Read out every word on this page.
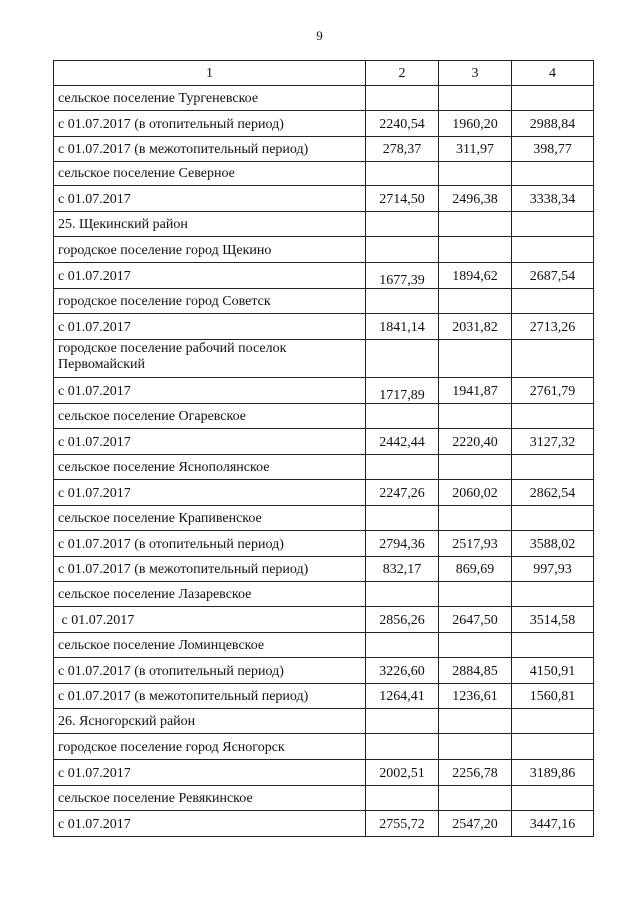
9
1	2	3	4
сельское поселение Тургеневское			
с 01.07.2017 (в отопительный период)	2240,54	1960,20	2988,84
с 01.07.2017 (в межотопительный период)	278,37	311,97	398,77
сельское поселение Северное			
с 01.07.2017	2714,50	2496,38	3338,34
25. Щекинский район			
городское поселение город Щекино			
с 01.07.2017	1677,39	1894,62	2687,54
городское поселение город Советск			
с 01.07.2017	1841,14	2031,82	2713,26
городское поселение рабочий поселок Первомайский			
с 01.07.2017	1717,89	1941,87	2761,79
сельское поселение Огаревское			
с 01.07.2017	2442,44	2220,40	3127,32
сельское поселение Яснополянское			
с 01.07.2017	2247,26	2060,02	2862,54
сельское поселение Крапивенское			
с 01.07.2017 (в отопительный период)	2794,36	2517,93	3588,02
с 01.07.2017 (в межотопительный период)	832,17	869,69	997,93
сельское поселение Лазаревское			
с 01.07.2017	2856,26	2647,50	3514,58
сельское поселение Ломинцевское			
с 01.07.2017 (в отопительный период)	3226,60	2884,85	4150,91
с 01.07.2017 (в межотопительный период)	1264,41	1236,61	1560,81
26. Ясногорский район			
городское поселение город Ясногорск			
с 01.07.2017	2002,51	2256,78	3189,86
сельское поселение Ревякинское			
с 01.07.2017	2755,72	2547,20	3447,16
